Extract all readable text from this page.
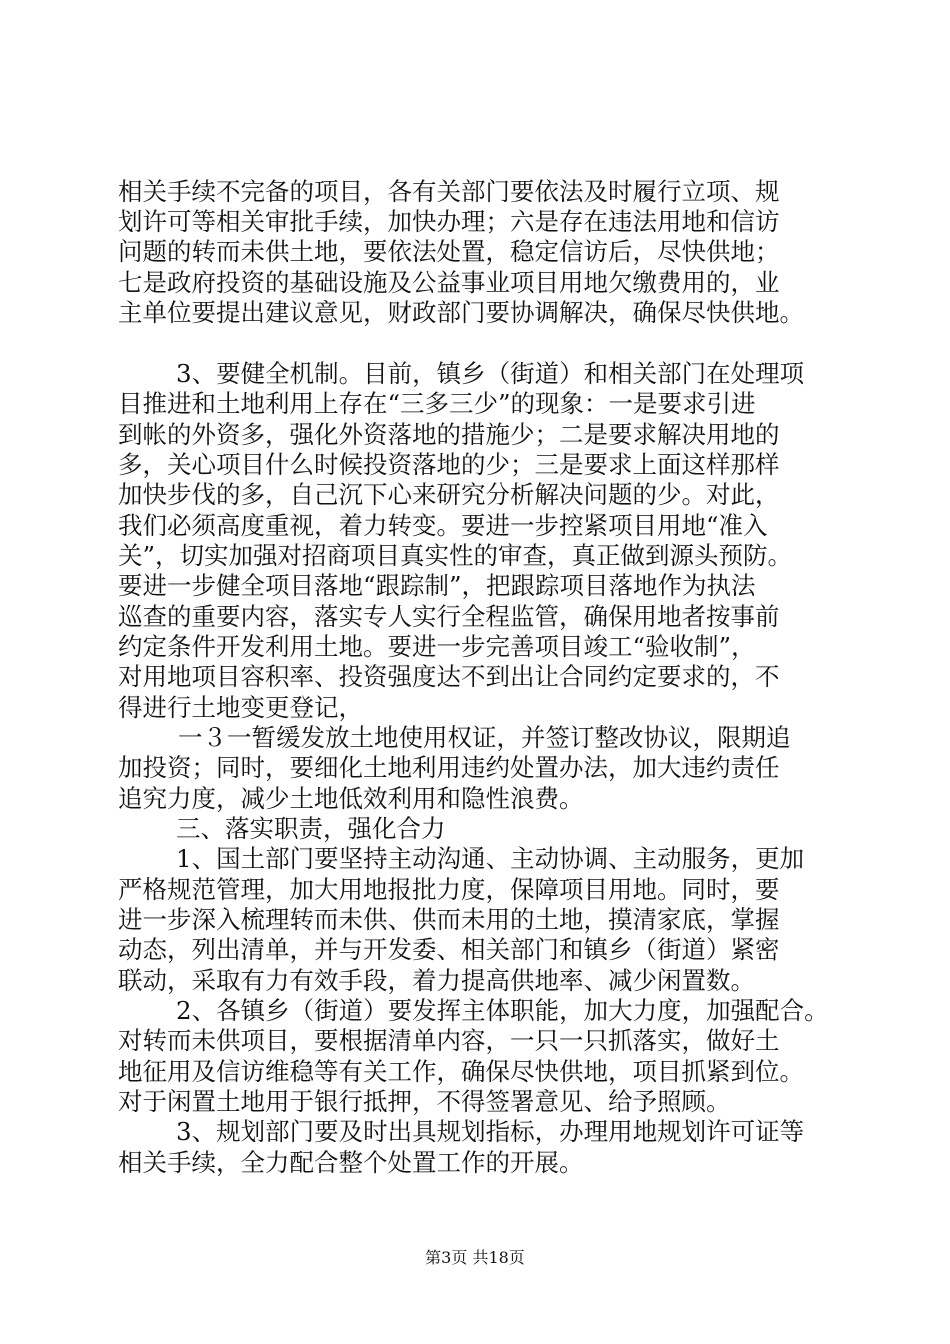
相关手续不完备的项目，各有关部门要依法及时履行立项、规
划许可等相关审批手续，加快办理；六是存在违法用地和信访
问题的转而未供土地，要依法处置，稳定信访后，尽快供地；
七是政府投资的基础设施及公益事业项目用地欠缴费用的，业
主单位要提出建议意见，财政部门要协调解决，确保尽快供地。
3、要健全机制。目前，镇乡（街道）和相关部门在处理项
目推进和土地利用上存在“三多三少”的现象：一是要求引进
到帐的外资多，强化外资落地的措施少；二是要求解决用地的
多，关心项目什么时候投资落地的少；三是要求上面这样那样
加快步伐的多，自己沉下心来研究分析解决问题的少。对此，
我们必须高度重视，着力转变。要进一步控紧项目用地“准入
关”，切实加强对招商项目真实性的审查，真正做到源头预防。
要进一步健全项目落地“跟踪制”，把跟踪项目落地作为执法
巡查的重要内容，落实专人实行全程监管，确保用地者按事前
约定条件开发利用土地。要进一步完善项目竣工“验收制”，
对用地项目容积率、投资强度达不到出让合同约定要求的，不
得进行土地变更登记，
一３一暂缓发放土地使用权证，并签订整改协议，限期追
加投资；同时，要细化土地利用违约处置办法，加大违约责任
追究力度，减少土地低效利用和隐性浪费。
三、落实职责，强化合力
1、国土部门要坚持主动沟通、主动协调、主动服务，更加
严格规范管理，加大用地报批力度，保障项目用地。同时，要
进一步深入梳理转而未供、供而未用的土地，摸清家底，掌握
动态，列出清单，并与开发委、相关部门和镇乡（街道）紧密
联动，采取有力有效手段，着力提高供地率、减少闲置数。
2、各镇乡（街道）要发挥主体职能，加大力度，加强配合。
对转而未供项目，要根据清单内容，一只一只抓落实，做好土
地征用及信访维稳等有关工作，确保尽快供地，项目抓紧到位。
对于闲置土地用于银行抵押，不得签署意见、给予照顾。
3、规划部门要及时出具规划指标，办理用地规划许可证等
相关手续，全力配合整个处置工作的开展。
第3页 共18页
